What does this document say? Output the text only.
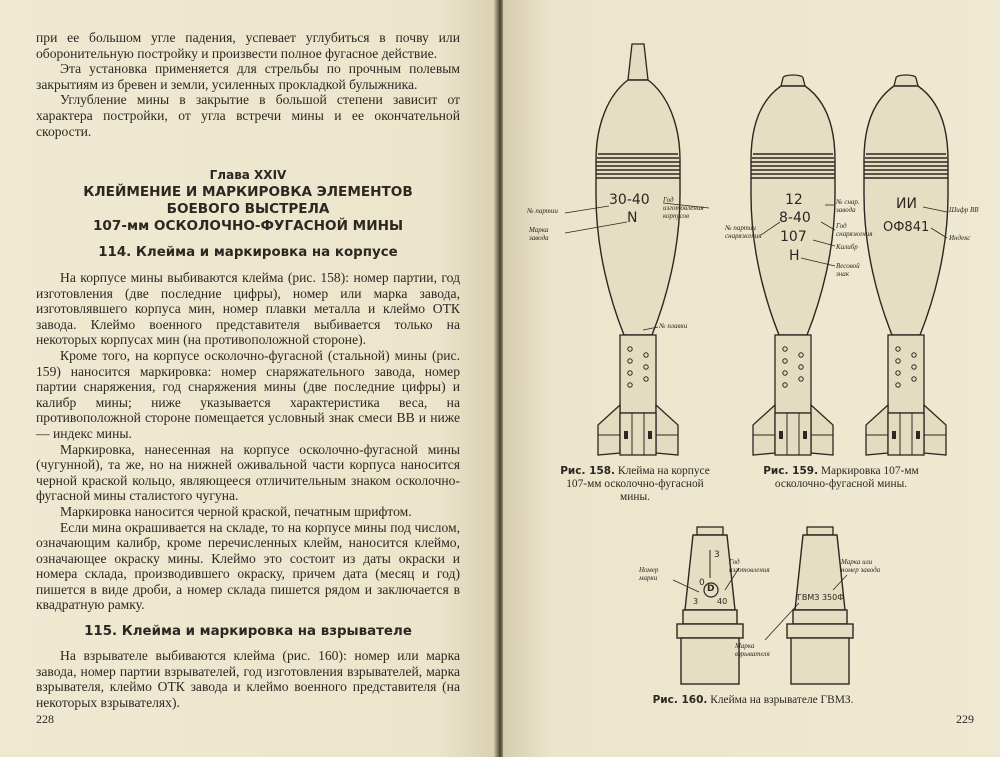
при ее большом угле падения, успевает углубиться в почву или оборонительную постройку и произвести полное фугасное действие.

Эта установка применяется для стрельбы по прочным полевым закрытиям из бревен и земли, усиленных прокладкой булыжника.

Углубление мины в закрытие в большой степени зависит от характера постройки, от угла встречи мины и ее окончательной скорости.

Глава XXIV
КЛЕЙМЕНИЕ И МАРКИРОВКА ЭЛЕМЕНТОВ БОЕВОГО ВЫСТРЕЛА
107-мм ОСКОЛОЧНО-ФУГАСНОЙ МИНЫ
114. Клейма и маркировка на корпусе

На корпусе мины выбиваются клейма (рис. 158): номер партии, год изготовления (две последние цифры), номер или марка завода, изготовлявшего корпуса мин, номер плавки металла и клеймо ОТК завода. Клеймо военного представителя выбивается только на некоторых корпусах мин (на противоположной стороне).

Кроме того, на корпусе осколочно-фугасной (стальной) мины (рис. 159) наносится маркировка: номер снаряжательного завода, номер партии снаряжения, год снаряжения мины (две последние цифры) и калибр мины; ниже указывается характеристика веса, на противоположной стороне помещается условный знак смеси ВВ и ниже — индекс мины.

Маркировка, нанесенная на корпусе осколочно-фугасной мины (чугунной), та же, но на нижней оживальной части корпуса наносится черной краской кольцо, являющееся отличительным знаком осколочно-фугасной мины сталистого чугуна.

Маркировка наносится черной краской, печатным шрифтом.

Если мина окрашивается на складе, то на корпусе мины под числом, означающим калибр, кроме перечисленных клейм, наносится клеймо, означающее окраску мины. Клеймо это состоит из даты окраски и номера склада, производившего окраску, причем дата (месяц и год) пишется в виде дроби, а номер склада пишется рядом и заключается в квадратную рамку.

115. Клейма и маркировка на взрывателе

На взрывателе выбиваются клейма (рис. 160): номер или марка завода, номер партии взрывателей, год изготовления взрывателей, марка взрывателя, клеймо ОТК завода и клеймо военного представителя (на некоторых взрывателях).

228
30-40
N
№ партии
Марка завода
Год изготовления корпусов
№ плавки
12
8-40
107
Н
№ снар. завода
№ партии снаряжения
Год снаряжения
Калибр
Весовой знак
ИИ
ОФ841
Шифр ВВ
Индекс
Рис. 158. Клейма на корпусе 107-мм осколочно-фугасной мины.
Рис. 159. Маркировка 107-мм осколочно-фугасной мины.
3
0
D
3 40	ГВМЗ 350Ф
Номер марки
Год изготовления
Марка или номер завода
Марка взрывателя
Рис. 160. Клейма на взрывателе ГВМЗ.
229
